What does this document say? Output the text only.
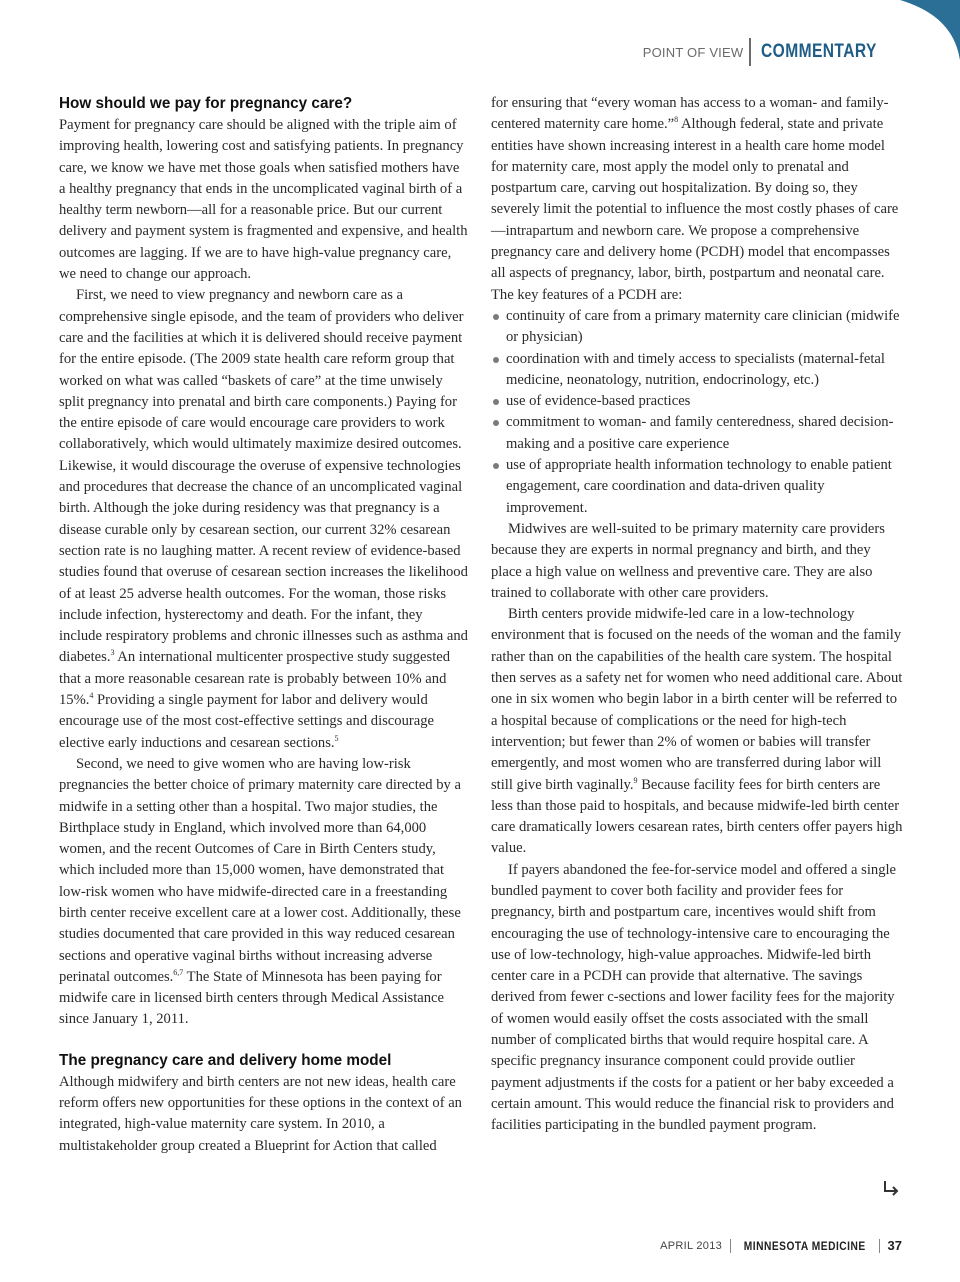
POINT OF VIEW COMMENTARY
How should we pay for pregnancy care?

Payment for pregnancy care should be aligned with the triple aim of improving health, lowering cost and satisfying patients. In pregnancy care, we know we have met those goals when satisfied mothers have a healthy pregnancy that ends in the uncomplicated vaginal birth of a healthy term newborn—all for a reasonable price. But our current delivery and payment system is fragmented and expensive, and health outcomes are lagging. If we are to have high-value pregnancy care, we need to change our approach.

First, we need to view pregnancy and newborn care as a comprehensive single episode, and the team of providers who deliver care and the facilities at which it is delivered should receive payment for the entire episode. (The 2009 state health care reform group that worked on what was called “baskets of care” at the time unwisely split pregnancy into prenatal and birth care components.) Paying for the entire episode of care would encourage care providers to work collaboratively, which would ultimately maximize desired outcomes. Likewise, it would discourage the overuse of expensive technologies and procedures that decrease the chance of an uncomplicated vaginal birth. Although the joke during residency was that pregnancy is a disease curable only by cesarean section, our current 32% cesarean section rate is no laughing matter. A recent review of evidence-based studies found that overuse of cesarean section increases the likelihood of at least 25 adverse health outcomes. For the woman, those risks include infection, hysterectomy and death. For the infant, they include respiratory problems and chronic illnesses such as asthma and diabetes.$^3$ An international multicenter prospective study suggested that a more reasonable cesarean rate is probably between 10% and 15%.$^4$ Providing a single payment for labor and delivery would encourage use of the most cost-effective settings and discourage elective early inductions and cesarean sections.$^5$

Second, we need to give women who are having low-risk pregnancies the better choice of primary maternity care directed by a midwife in a setting other than a hospital. Two major studies, the Birthplace study in England, which involved more than 64,000 women, and the recent Outcomes of Care in Birth Centers study, which included more than 15,000 women, have demonstrated that low-risk women who have midwife-directed care in a freestanding birth center receive excellent care at a lower cost. Additionally, these studies documented that care provided in this way reduced cesarean sections and operative vaginal births without increasing adverse perinatal outcomes.$^{6,7}$ The State of Minnesota has been paying for midwife care in licensed birth centers through Medical Assistance since January 1, 2011.

The pregnancy care and delivery home model

Although midwifery and birth centers are not new ideas, health care reform offers new opportunities for these options in the context of an integrated, high-value maternity care system. In 2010, a multistakeholder group created a Blueprint for Action that called

for ensuring that “every woman has access to a woman- and family-centered maternity care home.”$^8$ Although federal, state and private entities have shown increasing interest in a health care home model for maternity care, most apply the model only to prenatal and postpartum care, carving out hospitalization. By doing so, they severely limit the potential to influence the most costly phases of care—intrapartum and newborn care. We propose a comprehensive pregnancy care and delivery home (PCDH) model that encompasses all aspects of pregnancy, labor, birth, postpartum and neonatal care. The key features of a PCDH are:

continuity of care from a primary maternity care clinician (midwife or physician)
coordination with and timely access to specialists (maternal-fetal medicine, neonatology, nutrition, endocrinology, etc.)
use of evidence-based practices
commitment to woman- and family centeredness, shared decision-making and a positive care experience
use of appropriate health information technology to enable patient engagement, care coordination and data-driven quality improvement.

Midwives are well-suited to be primary maternity care providers because they are experts in normal pregnancy and birth, and they place a high value on wellness and preventive care. They are also trained to collaborate with other care providers.

Birth centers provide midwife-led care in a low-technology environment that is focused on the needs of the woman and the family rather than on the capabilities of the health care system. The hospital then serves as a safety net for women who need additional care. About one in six women who begin labor in a birth center will be referred to a hospital because of complications or the need for high-tech intervention; but fewer than 2% of women or babies will transfer emergently, and most women who are transferred during labor will still give birth vaginally.$^9$ Because facility fees for birth centers are less than those paid to hospitals, and because midwife-led birth center care dramatically lowers cesarean rates, birth centers offer payers high value.

If payers abandoned the fee-for-service model and offered a single bundled payment to cover both facility and provider fees for pregnancy, birth and postpartum care, incentives would shift from encouraging the use of technology-intensive care to encouraging the use of low-technology, high-value approaches. Midwife-led birth center care in a PCDH can provide that alternative. The savings derived from fewer c-sections and lower facility fees for the majority of women would easily offset the costs associated with the small number of complicated births that would require hospital care. A specific pregnancy insurance component could provide outlier payment adjustments if the costs for a patient or her baby exceeded a certain amount. This would reduce the financial risk to providers and facilities participating in the bundled payment program.

APRIL 2013 MINNESOTA MEDICINE 37
